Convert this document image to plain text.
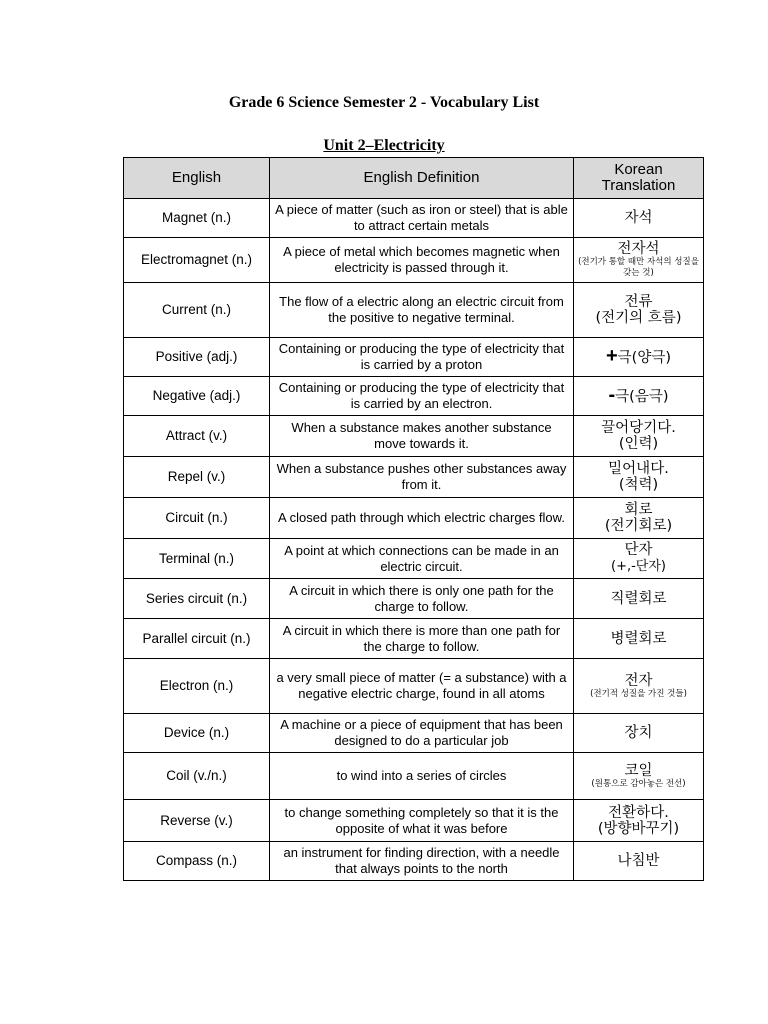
Grade 6 Science Semester 2 - Vocabulary List
Unit 2–Electricity
English	English Definition	Korean Translation
Magnet (n.)	A piece of matter (such as iron or steel) that is able to attract certain metals	자석
Electromagnet (n.)	A piece of metal which becomes magnetic when electricity is passed through it.	전자석
(전기가 통할 때만 자석의 성질을 갖는 것)

Current (n.)	The flow of a electric along an electric circuit from the positive to negative terminal.	전류
(전기의 흐름)
Positive (adj.)	Containing or producing the type of electricity that is carried by a proton	+극(양극)
Negative (adj.)	Containing or producing the type of electricity that is carried by an electron.	-극(음극)
Attract (v.)	When a substance makes another substance move towards it.	끌어당기다.
(인력)
Repel (v.)	When a substance pushes other substances away from it.	밀어내다.
(척력)
Circuit (n.)	A closed path through which electric charges flow.	회로
(전기회로)
Terminal (n.)	A point at which connections can be made in an electric circuit.	단자
(+,-단자)
Series circuit (n.)	A circuit in which there is only one path for the charge to follow.	직렬회로
Parallel circuit (n.)	A circuit in which there is more than one path for the charge to follow.	병렬회로
Electron (n.)	a very small piece of matter (= a substance) with a negative electric charge, found in all atoms	전자
(전기적 성질을 가진 것들)

Device (n.)	A machine or a piece of equipment that has been designed to do a particular job	장치
Coil (v./n.)	to wind into a series of circles	코일
(원통으로 감아놓은 전선)

Reverse (v.)	to change something completely so that it is the opposite of what it was before	전환하다.
(방향바꾸기)
Compass (n.)	an instrument for finding direction, with a needle that always points to the north	나침반
